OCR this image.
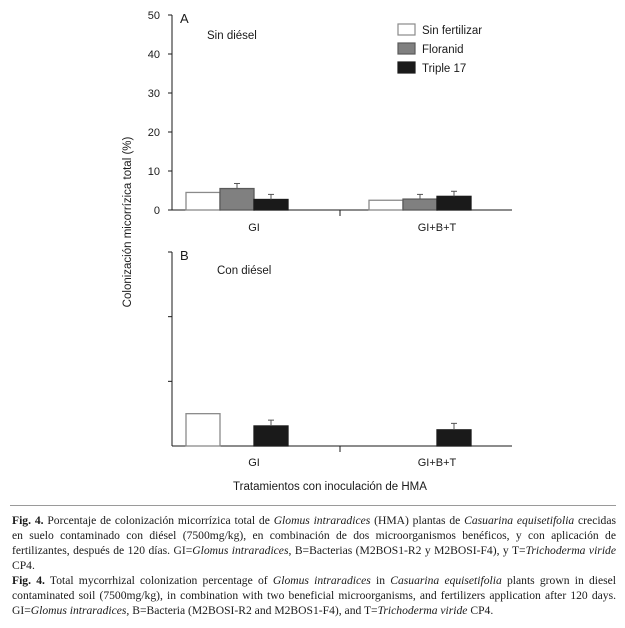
0
10
20
30
40
50 A
Sin diésel
GI	GI+B+T
B
Con diésel
GI	GI+B+T
Sin fertilizar
Floranid
Triple 17
Colonización micorrízica total (%)
Tratamientos con inoculación de HMA

Fig. 4. Porcentaje de colonización micorrízica total de Glomus intraradices (HMA) plantas de Casuarina equisetifolia crecidas en suelo contaminado con diésel (7500mg/kg), en combinación de dos microorganismos benéficos, y con aplicación de fertilizantes, después de 120 días. GI=Glomus intraradices, B=Bacterias (M2BOS1-R2 y M2BOSI-F4), y T=Trichoderma viride CP4.

Fig. 4. Total mycorrhizal colonization percentage of Glomus intraradices in Casuarina equisetifolia plants grown in diesel contaminated soil (7500mg/kg), in combination with two beneficial microorganisms, and fertilizers application after 120 days. GI=Glomus intraradices, B=Bacteria (M2BOSI-R2 and M2BOS1-F4), and T=Trichoderma viride CP4.
